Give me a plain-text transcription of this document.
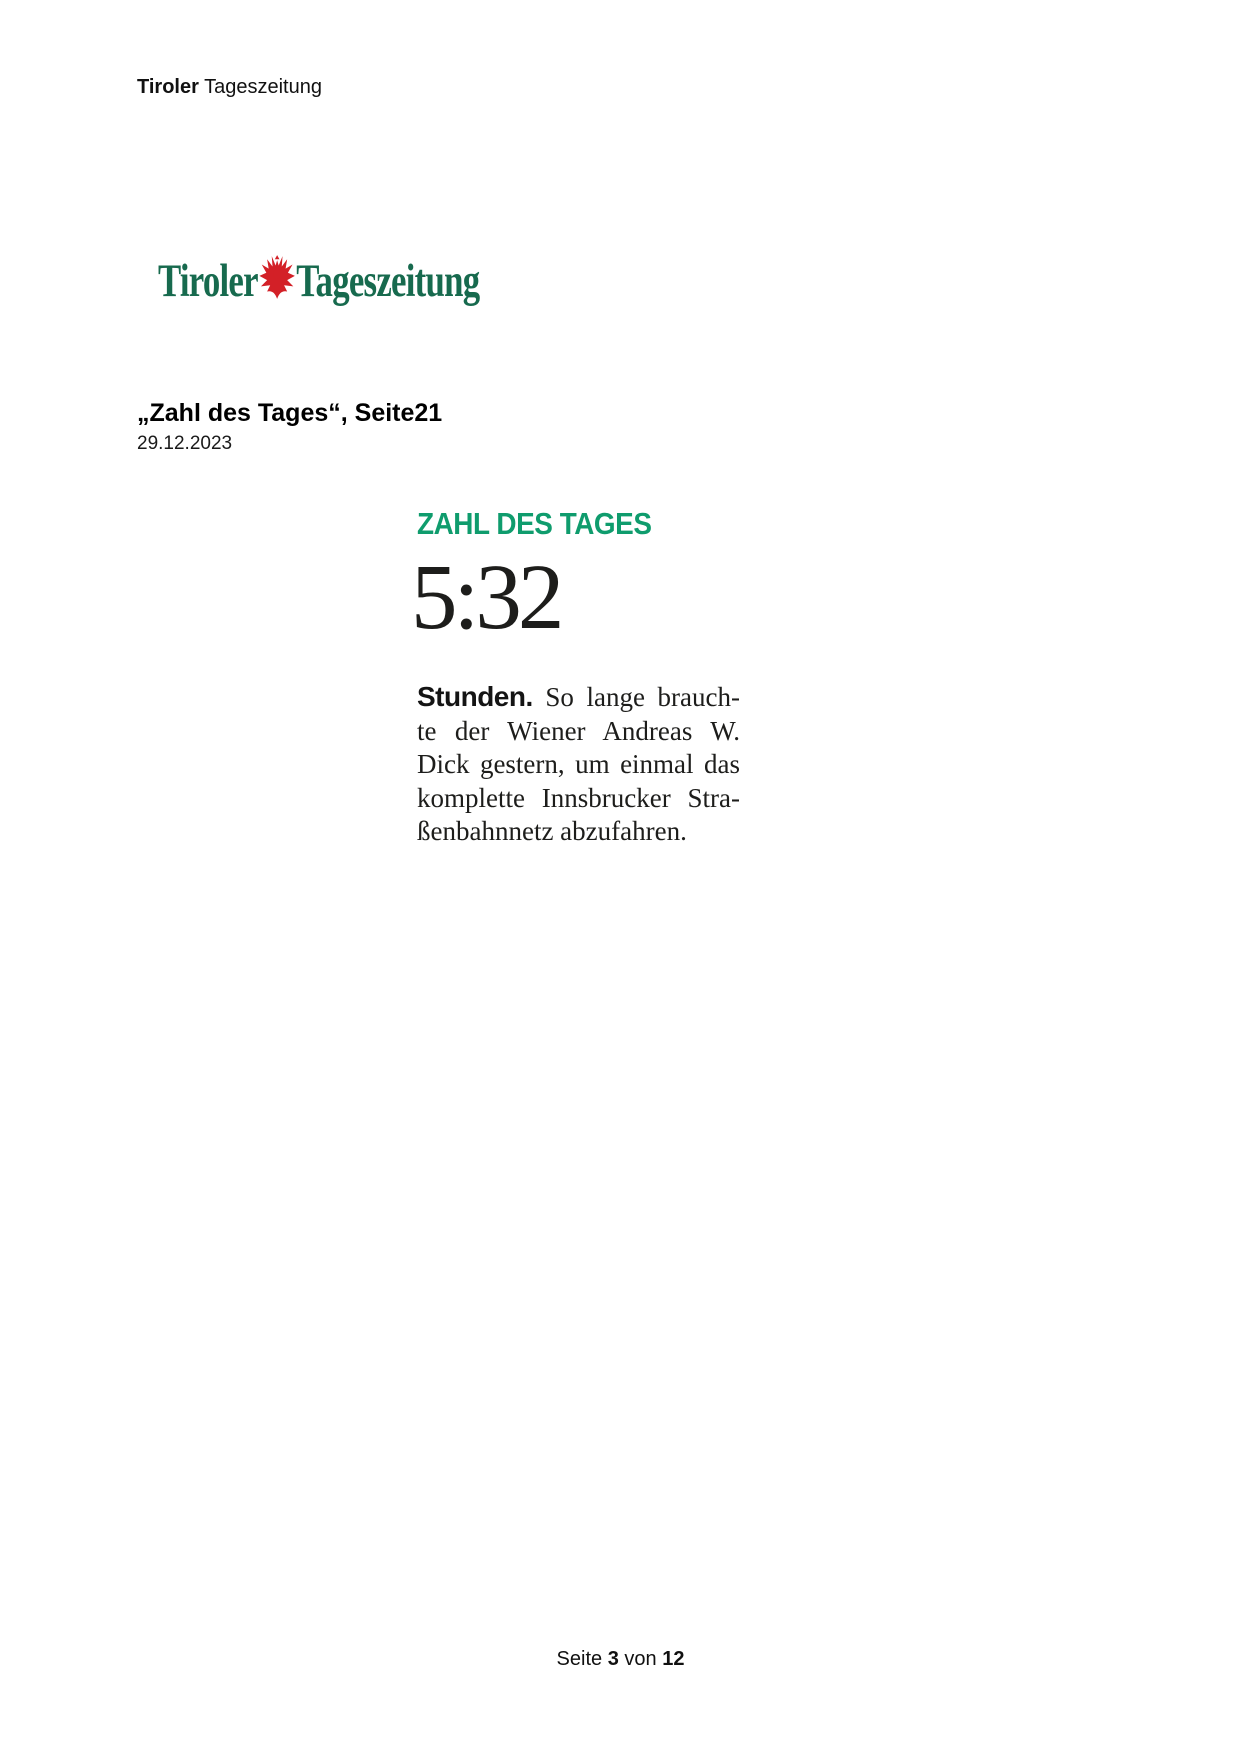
Tiroler Tageszeitung
Tiroler Tageszeitung
„Zahl des Tages“, Seite21
29.12.2023
ZAHL DES TAGES
5:32
Stunden. So lange brauch-
te der Wiener Andreas W.
Dick gestern, um einmal das
komplette Innsbrucker Stra-
ßenbahnnetz abzufahren.
Seite 3 von 12
